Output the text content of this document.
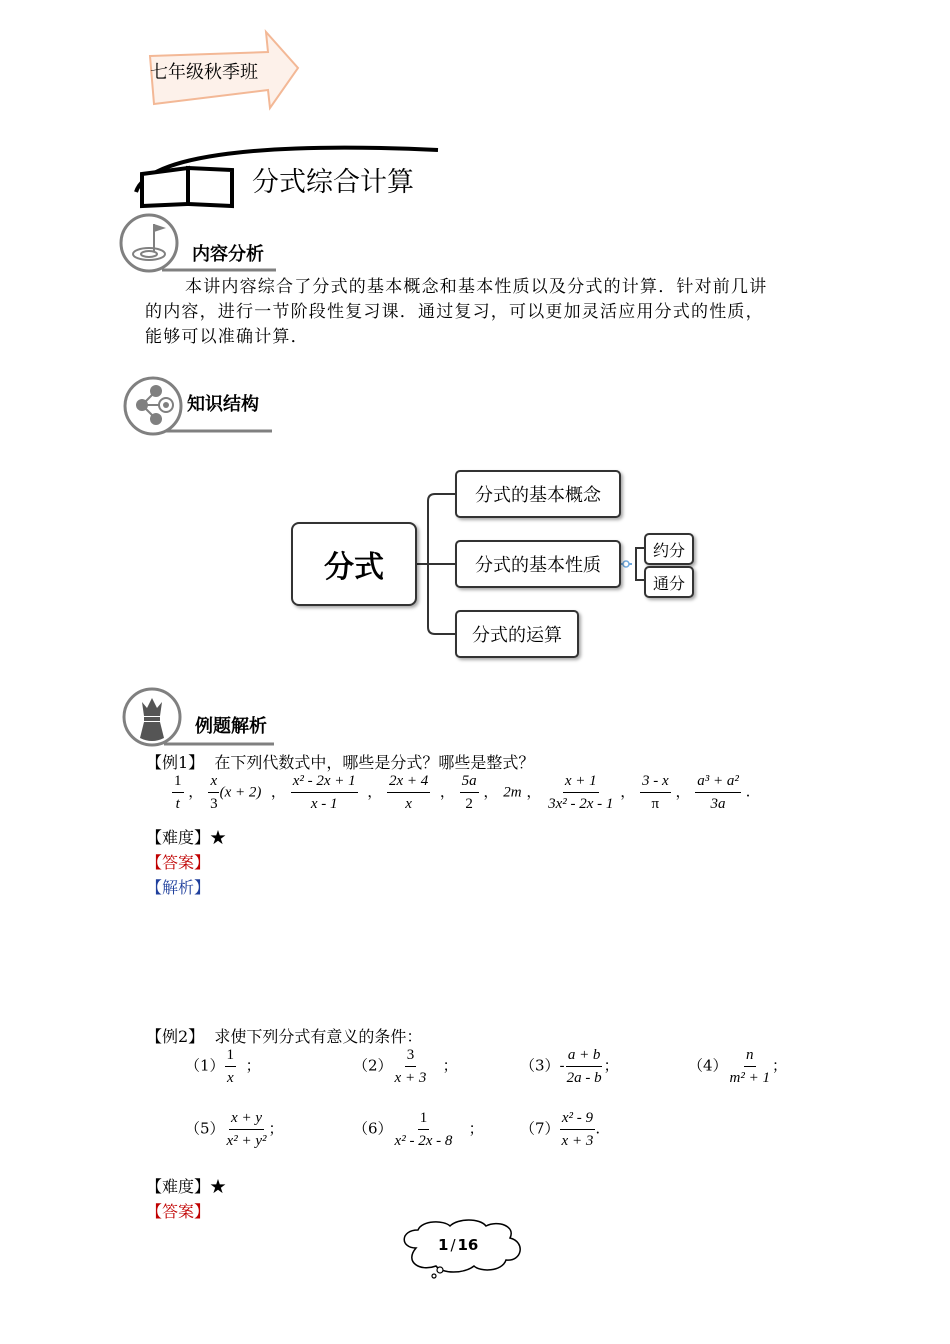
七年级秋季班
分式综合计算
内容分析
本讲内容综合了分式的基本概念和基本性质以及分式的计算．针对前几讲
的内容，进行一节阶段性复习课．通过复习，可以更加灵活应用分式的性质，
能够可以准确计算．
知识结构
分式
分式的基本概念
分式的基本性质
分式的运算
约分
通分
例题解析
【例1】 在下列代数式中，哪些是分式？哪些是整式？
$\frac{1}{t}$ ， $\frac{x}{3} (x + 2)$  ， $\frac{\text{x² - 2x + 1}}{x - 1}$ ， $\frac{2x + 4}{x}$ ， $\frac{5a}{2}$ ， 2m ， $\frac{x + 1}{\text{3x² - 2x - 1}}$ ， $\frac{3 - x}{\pi}$ ， $\frac{\text{a³ + a²}}{3a}$ .
【难度】★
【答案】
【解析】
【例2】 求使下列分式有意义的条件：
$(1) \frac{1}{x}$ ；	$(2) \frac{3}{x + 3}$ ；	$(3)- \frac{a + b}{2a - b}$ ；	$(4) \frac{n}{\text{m² + 1}}$ ；
$(5) \frac{x + y}{\text{x² + y²}}$ ；	$(6) \frac{1}{\text{x² - 2x - 8}}$ ； $(7) \frac{\text{x² - 9}}{x + 3}$ .
【难度】★
【答案】
1 / 16
